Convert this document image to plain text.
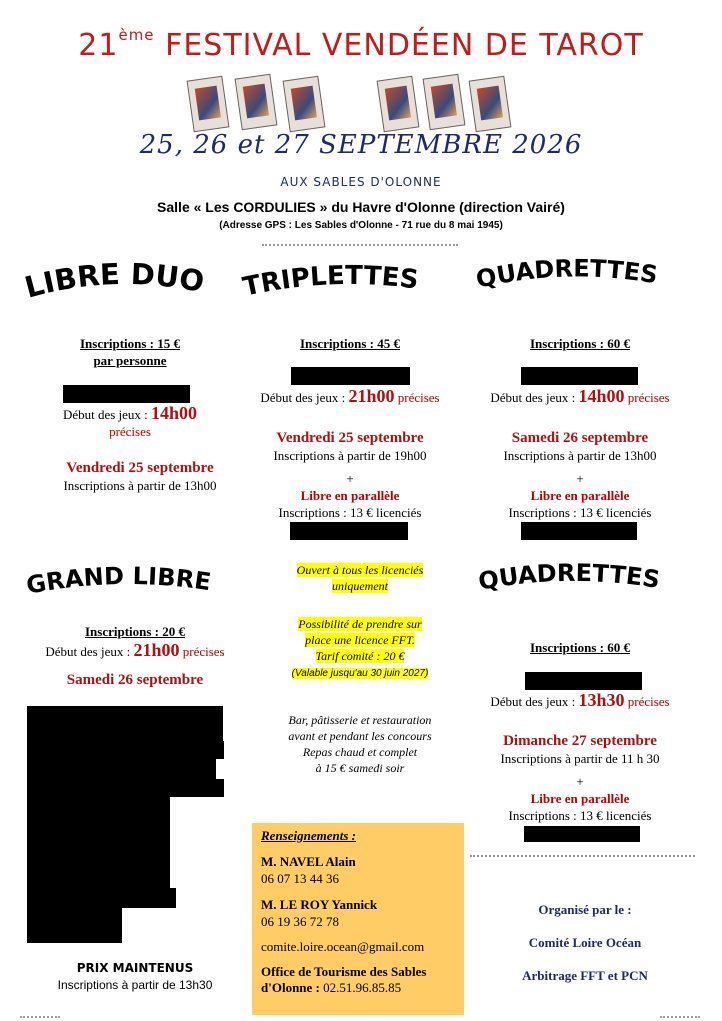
21ème FESTIVAL VENDÉEN DE TAROT
25, 26 et 27 SEPTEMBRE 2026
AUX SABLES D'OLONNE
Salle « Les CORDULIES » du Havre d'Olonne (direction Vairé)
(Adresse GPS : Les Sables d'Olonne - 71 rue du 8 mai 1945)
LIBRE DUO TRIPLETTES QUADRETTES
GRAND LIBRE	QUADRETTES
Inscriptions : 15 €
par personne
Début des jeux : 14h00
précises
Vendredi 25 septembre
Inscriptions à partir de 13h00
Inscriptions : 45 €
Début des jeux : 21h00 précises
Vendredi 25 septembre
Inscriptions à partir de 19h00
+
Libre en parallèle
Inscriptions : 13 € licenciés
Inscriptions : 60 €
Début des jeux : 14h00 précises
Samedi 26 septembre
Inscriptions à partir de 13h00
+
Libre en parallèle
Inscriptions : 13 € licenciés
Ouvert à tous les licenciés
uniquement
Possibilité de prendre sur
place une licence FFT.
Tarif comité : 20 €
(Valable jusqu'au 30 juin 2027)
Bar, pâtisserie et restauration
avant et pendant les concours
Repas chaud et complet
à 15 € samedi soir
Inscriptions : 20 €
Début des jeux : 21h00 précises
Samedi 26 septembre
PRIX MAINTENUS
Inscriptions à partir de 13h30
Inscriptions : 60 €
Début des jeux : 13h30 précises
Dimanche 27 septembre
Inscriptions à partir de 11 h 30
+
Libre en parallèle
Inscriptions : 13 € licenciés
Renseignements :
M. NAVEL Alain
06 07 13 44 36
M. LE ROY Yannick
06 19 36 72 78
comite.loire.ocean@gmail.com
Office de Tourisme des Sables
d'Olonne : 02.51.96.85.85
Organisé par le :
Comité Loire Océan
Arbitrage FFT et PCN
